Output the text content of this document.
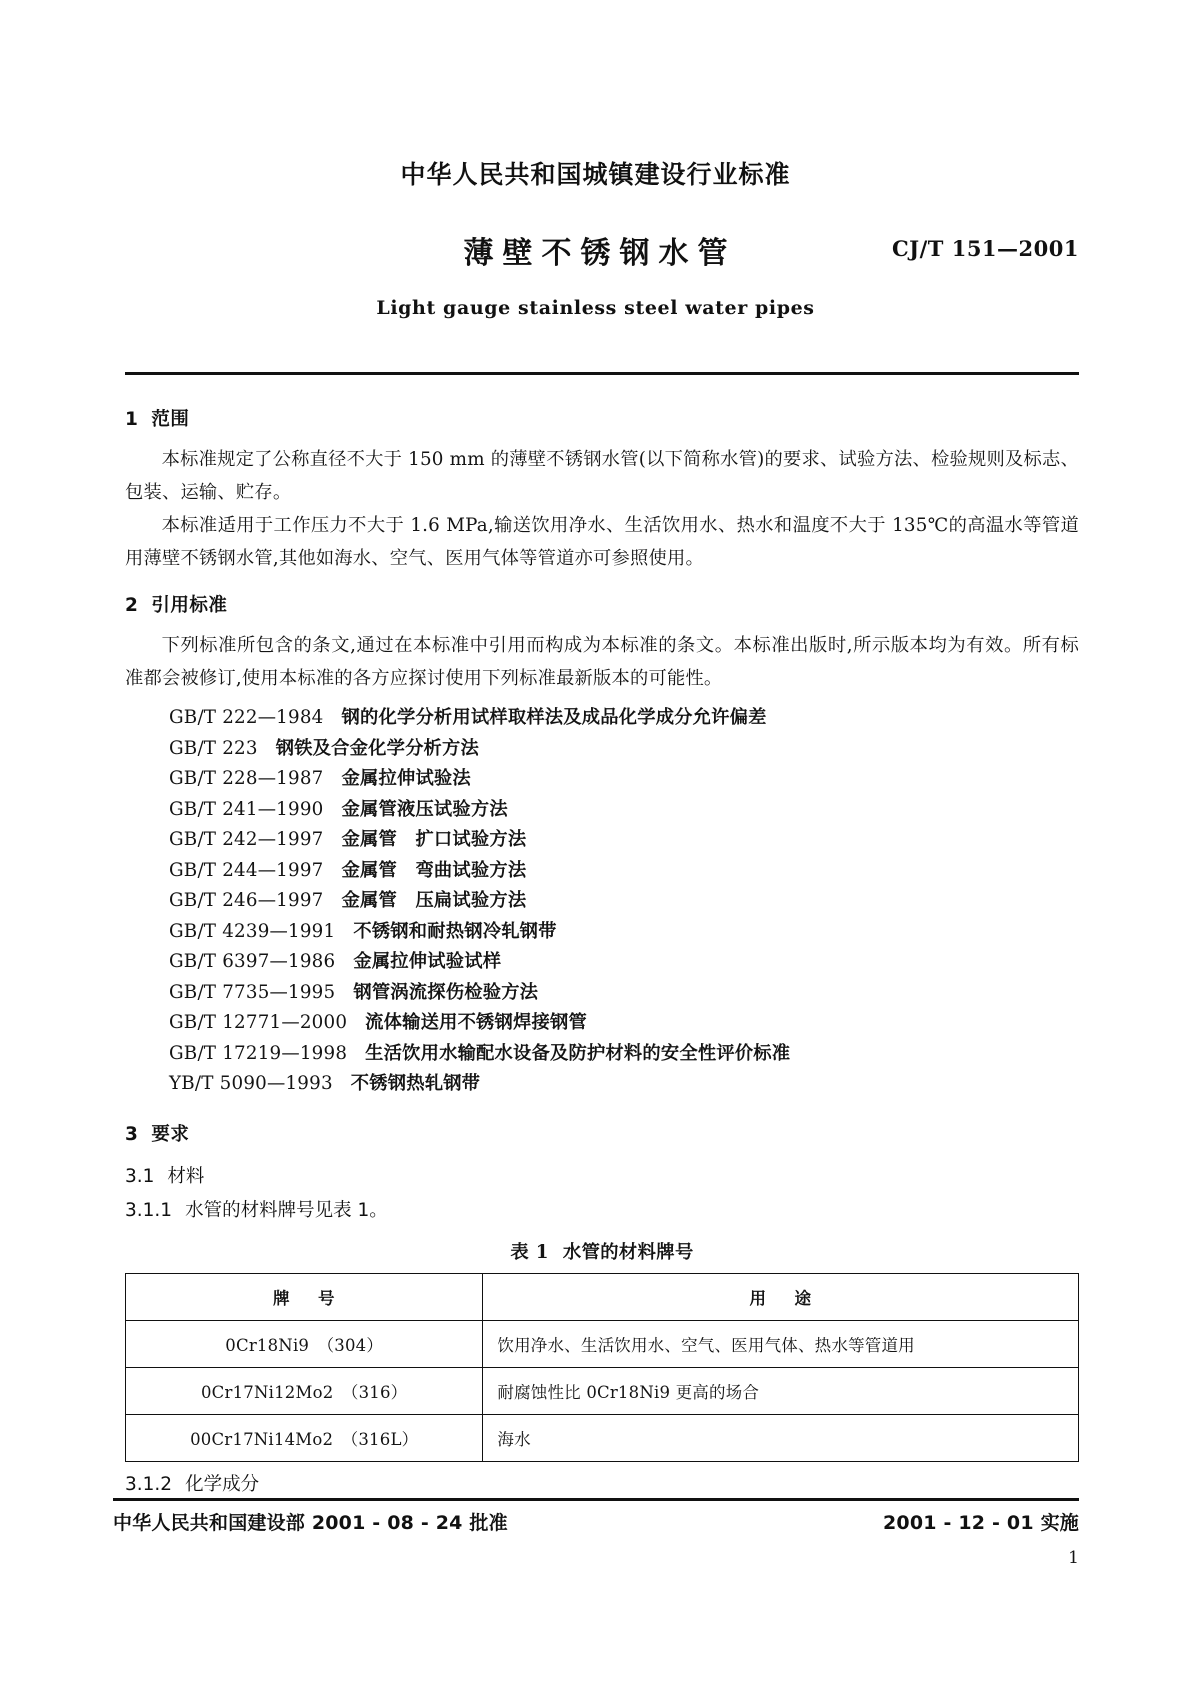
中华人民共和国城镇建设行业标准
薄壁不锈钢水管	CJ/T 151—2001
Light gauge stainless steel water pipes
1 范围

本标准规定了公称直径不大于 150 mm 的薄壁不锈钢水管(以下简称水管)的要求、试验方法、检验规则及标志、包装、运输、贮存。

本标准适用于工作压力不大于 1.6 MPa,输送饮用净水、生活饮用水、热水和温度不大于 135℃的高温水等管道用薄壁不锈钢水管,其他如海水、空气、医用气体等管道亦可参照使用。

2 引用标准

下列标准所包含的条文,通过在本标准中引用而构成为本标准的条文。本标准出版时,所示版本均为有效。所有标准都会被修订,使用本标准的各方应探讨使用下列标准最新版本的可能性。

GB/T 222—1984 钢的化学分析用试样取样法及成品化学成分允许偏差
GB/T 223 钢铁及合金化学分析方法
GB/T 228—1987 金属拉伸试验法
GB/T 241—1990 金属管液压试验方法
GB/T 242—1997 金属管　扩口试验方法
GB/T 244—1997 金属管　弯曲试验方法
GB/T 246—1997 金属管　压扁试验方法
GB/T 4239—1991 不锈钢和耐热钢冷轧钢带
GB/T 6397—1986 金属拉伸试验试样
GB/T 7735—1995 钢管涡流探伤检验方法
GB/T 12771—2000 流体输送用不锈钢焊接钢管
GB/T 17219—1998 生活饮用水输配水设备及防护材料的安全性评价标准
YB/T 5090—1993 不锈钢热轧钢带
3 要求
3.1 材料
3.1.1 水管的材料牌号见表 1。
表 1 水管的材料牌号
牌　号	用　途
0Cr18Ni9　（304）	饮用净水、生活饮用水、空气、医用气体、热水等管道用
0Cr17Ni12Mo2　（316）	耐腐蚀性比 0Cr18Ni9 更高的场合
00Cr17Ni14Mo2　（316L）	海水
3.1.2 化学成分
中华人民共和国建设部 2001 - 08 - 24 批准	2001 - 12 - 01 实施
1
